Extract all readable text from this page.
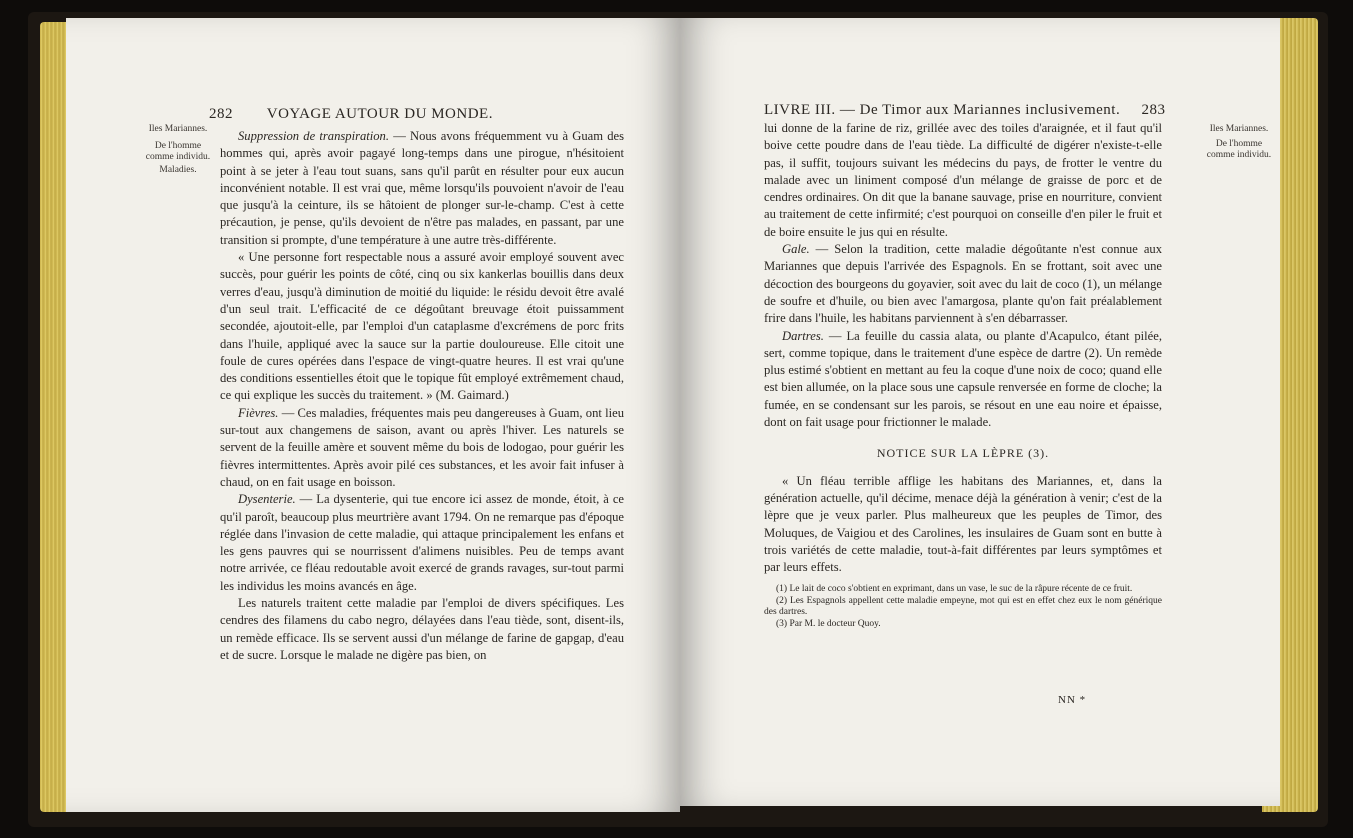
282 VOYAGE AUTOUR DU MONDE.
Iles Mariannes.
De l'homme comme individu.
Maladies.

Suppression de transpiration. — Nous avons fréquemment vu à Guam des hommes qui, après avoir pagayé long-temps dans une pirogue, n'hésitoient point à se jeter à l'eau tout suans, sans qu'il parût en résulter pour eux aucun inconvénient notable. Il est vrai que, même lorsqu'ils pouvoient n'avoir de l'eau que jusqu'à la ceinture, ils se hâtoient de plonger sur-le-champ. C'est à cette précaution, je pense, qu'ils devoient de n'être pas malades, en passant, par une transition si prompte, d'une température à une autre très-différente.

« Une personne fort respectable nous a assuré avoir employé souvent avec succès, pour guérir les points de côté, cinq ou six kankerlas bouillis dans deux verres d'eau, jusqu'à diminution de moitié du liquide: le résidu devoit être avalé d'un seul trait. L'efficacité de ce dégoûtant breuvage étoit puissamment secondée, ajoutoit-elle, par l'emploi d'un cataplasme d'excrémens de porc frits dans l'huile, appliqué avec la sauce sur la partie douloureuse. Elle citoit une foule de cures opérées dans l'espace de vingt-quatre heures. Il est vrai qu'une des conditions essentielles étoit que le topique fût employé extrêmement chaud, ce qui explique les succès du traitement. » (M. Gaimard.)

Fièvres. — Ces maladies, fréquentes mais peu dangereuses à Guam, ont lieu sur-tout aux changemens de saison, avant ou après l'hiver. Les naturels se servent de la feuille amère et souvent même du bois de lodogao, pour guérir les fièvres intermittentes. Après avoir pilé ces substances, et les avoir fait infuser à chaud, on en fait usage en boisson.

Dysenterie. — La dysenterie, qui tue encore ici assez de monde, étoit, à ce qu'il paroît, beaucoup plus meurtrière avant 1794. On ne remarque pas d'époque réglée dans l'invasion de cette maladie, qui attaque principalement les enfans et les gens pauvres qui se nourrissent d'alimens nuisibles. Peu de temps avant notre arrivée, ce fléau redoutable avoit exercé de grands ravages, sur-tout parmi les individus les moins avancés en âge.

Les naturels traitent cette maladie par l'emploi de divers spécifiques. Les cendres des filamens du cabo negro, délayées dans l'eau tiède, sont, disent-ils, un remède efficace. Ils se servent aussi d'un mélange de farine de gapgap, d'eau et de sucre. Lorsque le malade ne digère pas bien, on

LIVRE III. — De Timor aux Mariannes inclusivement. 283
Iles Mariannes.
De l'homme comme individu.

lui donne de la farine de riz, grillée avec des toiles d'araignée, et il faut qu'il boive cette poudre dans de l'eau tiède. La difficulté de digérer n'existe-t-elle pas, il suffit, toujours suivant les médecins du pays, de frotter le ventre du malade avec un liniment composé d'un mélange de graisse de porc et de cendres ordinaires. On dit que la banane sauvage, prise en nourriture, convient au traitement de cette infirmité; c'est pourquoi on conseille d'en piler le fruit et de boire ensuite le jus qui en résulte.

Gale. — Selon la tradition, cette maladie dégoûtante n'est connue aux Mariannes que depuis l'arrivée des Espagnols. En se frottant, soit avec une décoction des bourgeons du goyavier, soit avec du lait de coco (1), un mélange de soufre et d'huile, ou bien avec l'amargosa, plante qu'on fait préalablement frire dans l'huile, les habitans parviennent à s'en débarrasser.

Dartres. — La feuille du cassia alata, ou plante d'Acapulco, étant pilée, sert, comme topique, dans le traitement d'une espèce de dartre (2). Un remède plus estimé s'obtient en mettant au feu la coque d'une noix de coco; quand elle est bien allumée, on la place sous une capsule renversée en forme de cloche; la fumée, en se condensant sur les parois, se résout en une eau noire et épaisse, dont on fait usage pour frictionner le malade.

NOTICE SUR LA LÈPRE (3).

« Un fléau terrible afflige les habitans des Mariannes, et, dans la génération actuelle, qu'il décime, menace déjà la génération à venir; c'est de la lèpre que je veux parler. Plus malheureux que les peuples de Timor, des Moluques, de Vaigiou et des Carolines, les insulaires de Guam sont en butte à trois variétés de cette maladie, tout-à-fait différentes par leurs symptômes et par leurs effets.

(1) Le lait de coco s'obtient en exprimant, dans un vase, le suc de la râpure récente de ce fruit.

(2) Les Espagnols appellent cette maladie empeyne, mot qui est en effet chez eux le nom générique des dartres.

(3) Par M. le docteur Quoy.

NN *
